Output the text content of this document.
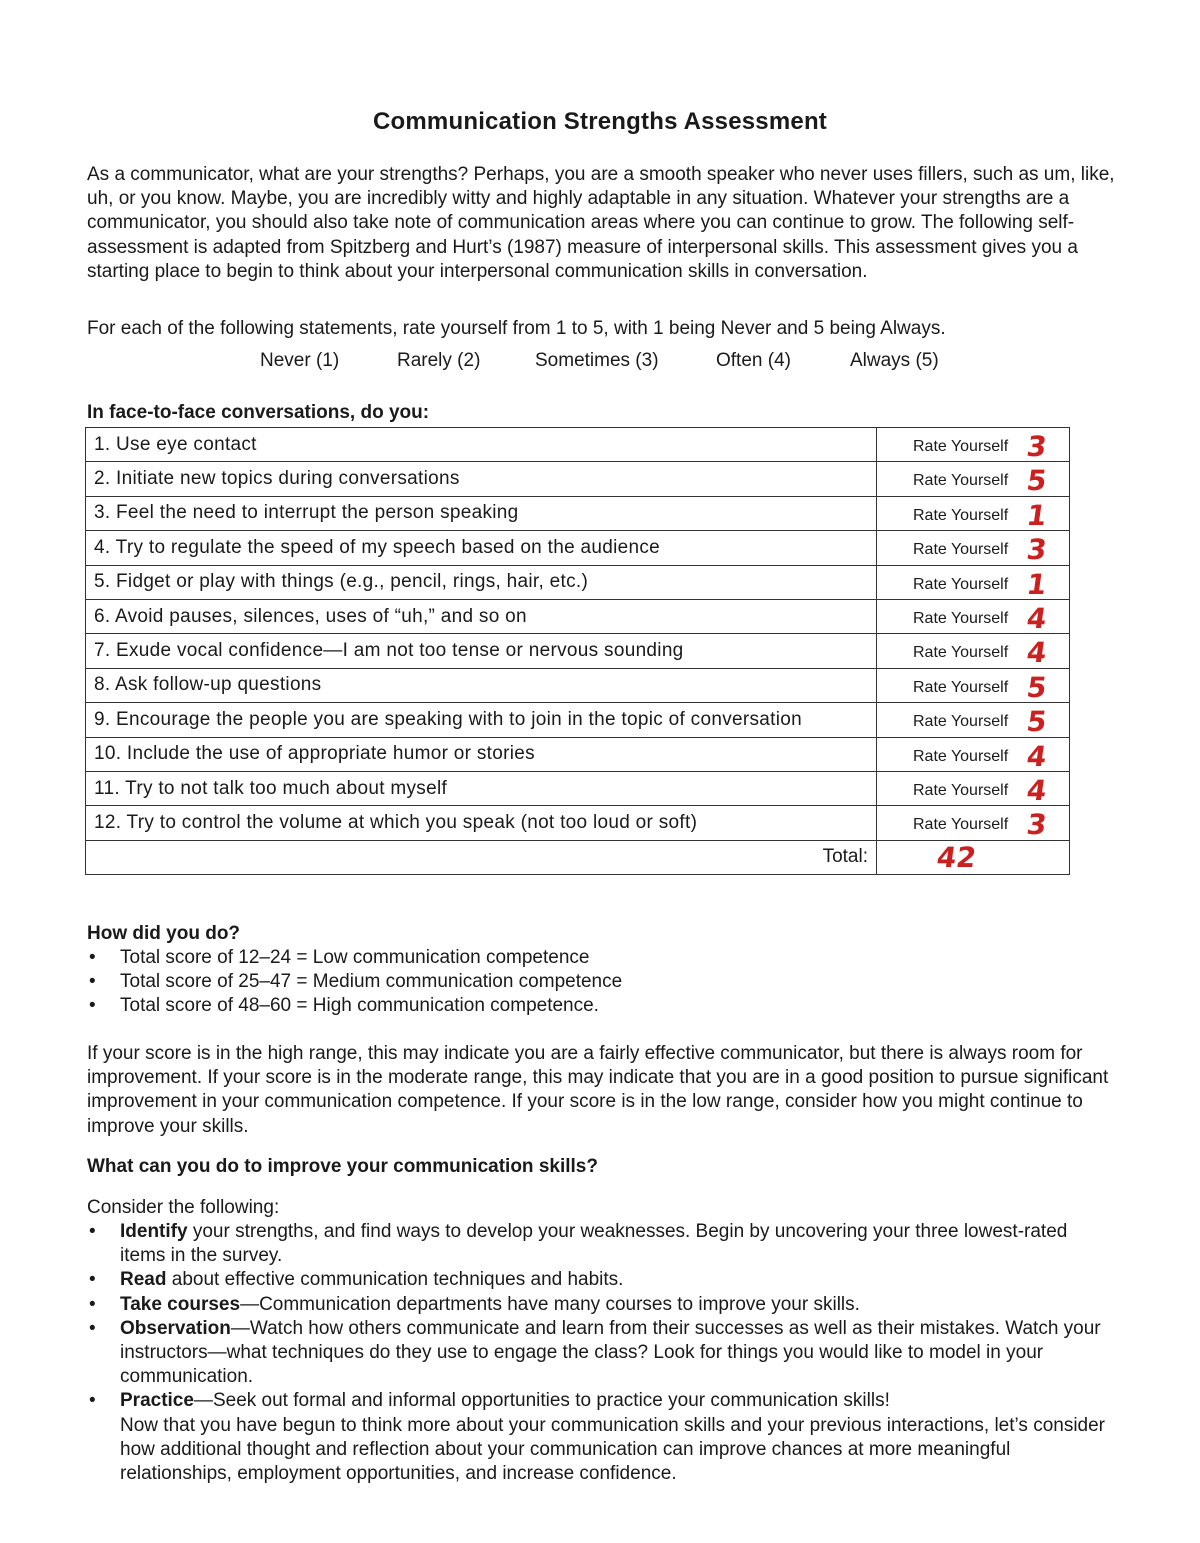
Communication Strengths Assessment
As a communicator, what are your strengths? Perhaps, you are a smooth speaker who never uses fillers, such as um, like, uh, or you know. Maybe, you are incredibly witty and highly adaptable in any situation. Whatever your strengths are a communicator, you should also take note of communication areas where you can continue to grow. The following self-assessment is adapted from Spitzberg and Hurt’s (1987) measure of interpersonal skills. This assessment gives you a starting place to begin to think about your interpersonal communication skills in conversation.
For each of the following statements, rate yourself from 1 to 5, with 1 being Never and 5 being Always.
Never (1)	Rarely (2)	Sometimes (3)	Often (4)	Always (5)
In face-to-face conversations, do you:
1. Use eye contact	Rate Yourself 3

2. Initiate new topics during conversations	Rate Yourself 5

3. Feel the need to interrupt the person speaking	Rate Yourself 1

4. Try to regulate the speed of my speech based on the audience	Rate Yourself 3

5. Fidget or play with things (e.g., pencil, rings, hair, etc.)	Rate Yourself 1

6. Avoid pauses, silences, uses of “uh,” and so on	Rate Yourself 4

7. Exude vocal confidence—I am not too tense or nervous sounding	Rate Yourself 4

8. Ask follow-up questions	Rate Yourself 5

9. Encourage the people you are speaking with to join in the topic of conversation	Rate Yourself 5

10. Include the use of appropriate humor or stories	Rate Yourself 4

11. Try to not talk too much about myself	Rate Yourself 4

12. Try to control the volume at which you speak (not too loud or soft)	Rate Yourself 3

Total:	42
How did you do?
• Total score of 12–24 = Low communication competence
• Total score of 25–47 = Medium communication competence
• Total score of 48–60 = High communication competence.
If your score is in the high range, this may indicate you are a fairly effective communicator, but there is always room for improvement. If your score is in the moderate range, this may indicate that you are in a good position to pursue significant improvement in your communication competence. If your score is in the low range, consider how you might continue to improve your skills.
What can you do to improve your communication skills?
Consider the following:
• Identify your strengths, and find ways to develop your weaknesses. Begin by uncovering your three lowest-rated items in the survey.
• Read about effective communication techniques and habits.
• Take courses—Communication departments have many courses to improve your skills.
• Observation—Watch how others communicate and learn from their successes as well as their mistakes. Watch your instructors—what techniques do they use to engage the class? Look for things you would like to model in your communication.
• Practice—Seek out formal and informal opportunities to practice your communication skills!
Now that you have begun to think more about your communication skills and your previous interactions, let’s consider how additional thought and reflection about your communication can improve chances at more meaningful relationships, employment opportunities, and increase confidence.
